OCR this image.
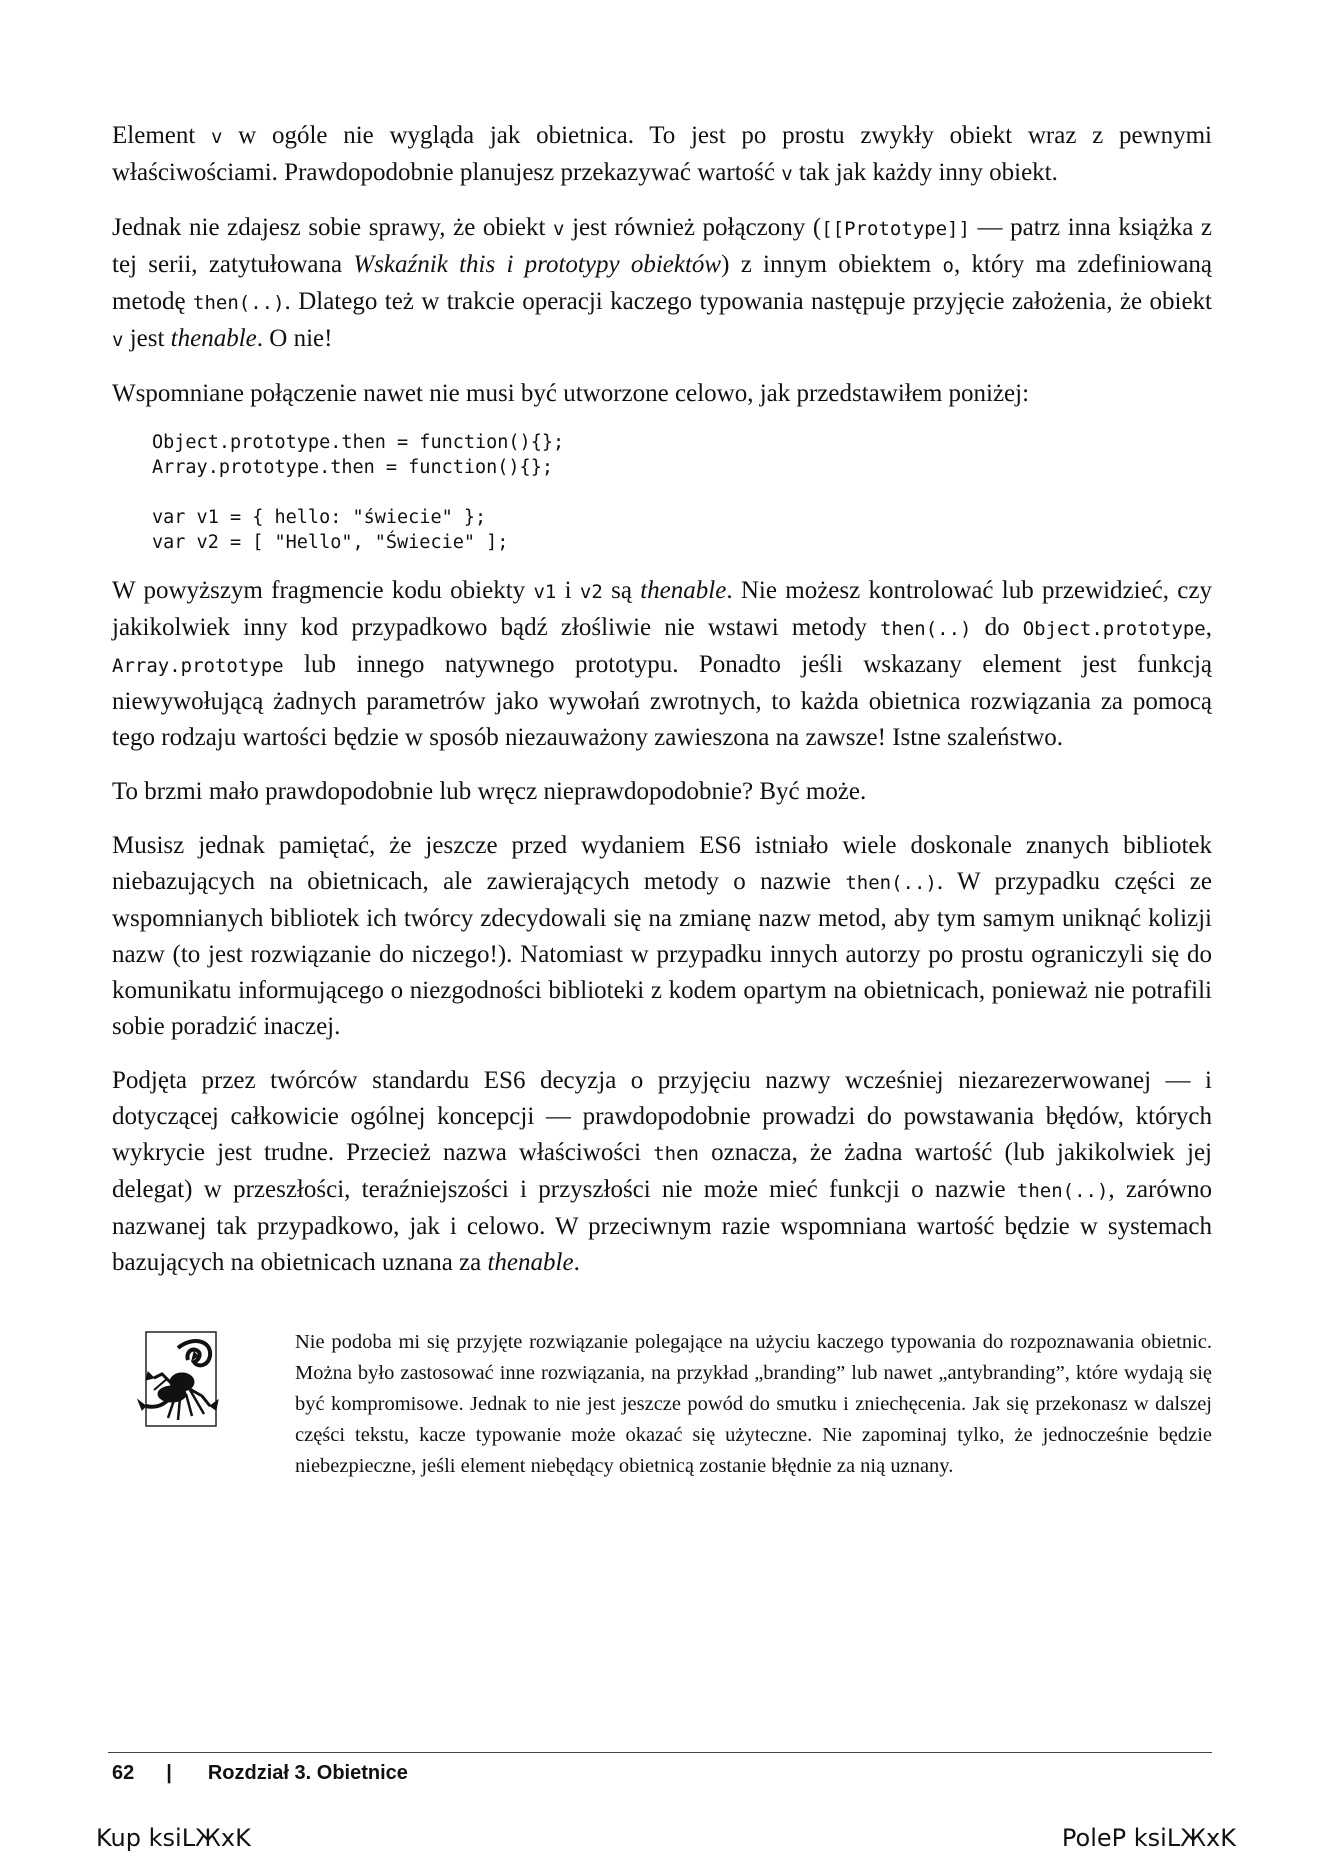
Element v w ogóle nie wygląda jak obietnica. To jest po prostu zwykły obiekt wraz z pewnymi właściwościami. Prawdopodobnie planujesz przekazywać wartość v tak jak każdy inny obiekt.

Jednak nie zdajesz sobie sprawy, że obiekt v jest również połączony ([[Prototype]] — patrz inna książka z tej serii, zatytułowana Wskaźnik this i prototypy obiektów) z innym obiektem o, który ma zdefiniowaną metodę then(..). Dlatego też w trakcie operacji kaczego typowania następuje przyjęcie założenia, że obiekt v jest thenable. O nie!

Wspomniane połączenie nawet nie musi być utworzone celowo, jak przedstawiłem poniżej:

Object.prototype.then = function(){};
Array.prototype.then = function(){};
var v1 = { hello: "świecie" };
var v2 = [ "Hello", "Świecie" ];

W powyższym fragmencie kodu obiekty v1 i v2 są thenable. Nie możesz kontrolować lub przewidzieć, czy jakikolwiek inny kod przypadkowo bądź złośliwie nie wstawi metody then(..) do Object.prototype, Array.prototype lub innego natywnego prototypu. Ponadto jeśli wskazany element jest funkcją niewywołującą żadnych parametrów jako wywołań zwrotnych, to każda obietnica rozwiązania za pomocą tego rodzaju wartości będzie w sposób niezauważony zawieszona na zawsze! Istne szaleństwo.

To brzmi mało prawdopodobnie lub wręcz nieprawdopodobnie? Być może.

Musisz jednak pamiętać, że jeszcze przed wydaniem ES6 istniało wiele doskonale znanych bibliotek niebazujących na obietnicach, ale zawierających metody o nazwie then(..). W przypadku części ze wspomnianych bibliotek ich twórcy zdecydowali się na zmianę nazw metod, aby tym samym uniknąć kolizji nazw (to jest rozwiązanie do niczego!). Natomiast w przypadku innych autorzy po prostu ograniczyli się do komunikatu informującego o niezgodności biblioteki z kodem opartym na obietnicach, ponieważ nie potrafili sobie poradzić inaczej.

Podjęta przez twórców standardu ES6 decyzja o przyjęciu nazwy wcześniej niezarezerwowanej — i dotyczącej całkowicie ogólnej koncepcji — prawdopodobnie prowadzi do powstawania błędów, których wykrycie jest trudne. Przecież nazwa właściwości then oznacza, że żadna wartość (lub jakikolwiek jej delegat) w przeszłości, teraźniejszości i przyszłości nie może mieć funkcji o nazwie then(..), zarówno nazwanej tak przypadkowo, jak i celowo. W przeciwnym razie wspomniana wartość będzie w systemach bazujących na obietnicach uznana za thenable.

Nie podoba mi się przyjęte rozwiązanie polegające na użyciu kaczego typowania do rozpoznawania obietnic. Można było zastosować inne rozwiązania, na przykład „branding” lub nawet „antybranding”, które wydają się być kompromisowe. Jednak to nie jest jeszcze powód do smutku i zniechęcenia. Jak się przekonasz w dalszej części tekstu, kacze typowanie może okazać się użyteczne. Nie zapominaj tylko, że jednocześnie będzie niebezpieczne, jeśli element niebędący obietnicą zostanie błędnie za nią uznany.

62 | Rozdział 3. Obietnice
Kup ksiLЖxK	PoleP ksiLЖxK
